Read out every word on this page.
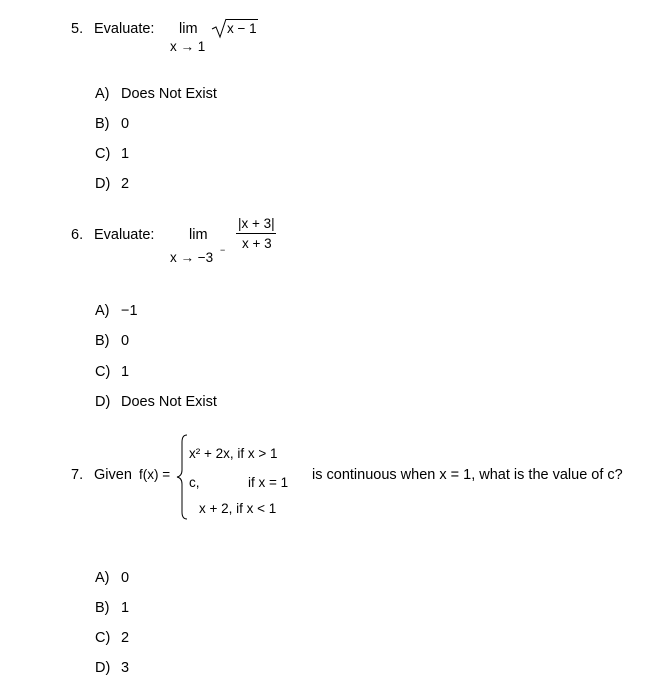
5. Evaluate: lim
x → 1
x − 1
A) Does Not Exist
B) 0
C) 1
D) 2
6. Evaluate: lim
x → −3 −
|x + 3|
x + 3
A) −1
B) 0
C) 1
D) Does Not Exist
7. Given f(x) =
x² + 2x, if x > 1
c,	if x = 1
x + 2, if x < 1
is continuous when x = 1, what is the value of c?
A) 0
B) 1
C) 2
D) 3
